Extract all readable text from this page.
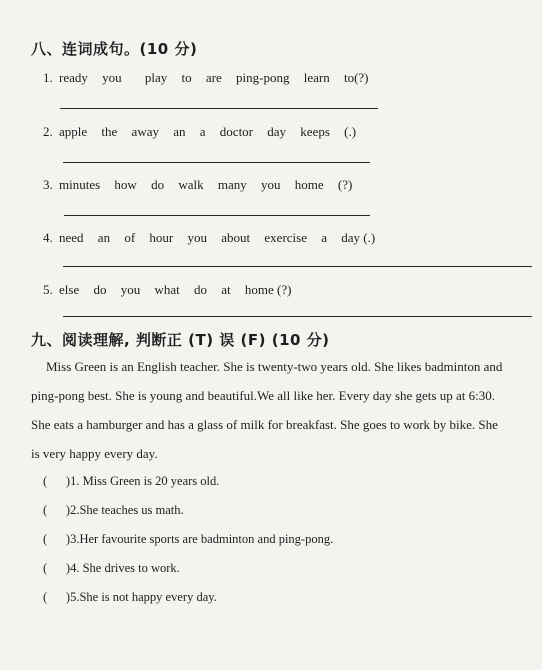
八、连词成句。(10 分)
1. ready you play to are ping-pong learn to(?)
2. apple the away an a doctor day keeps (.)
3. minutes how do walk many you home (?)
4. need an of hour you about exercise a day (.)
5. else do you what do at home (?)
九、阅读理解, 判断正 (T) 误 (F) (10 分)
Miss Green is an English teacher. She is twenty-two years old. She likes badminton and
ping-pong best. She is young and beautiful.We all like her. Every day she gets up at 6:30.
She eats a hamburger and has a glass of milk for breakfast. She goes to work by bike. She
is very happy every day.
(      )1. Miss Green is 20 years old.
(      )2.She teaches us math.
(      )3.Her favourite sports are badminton and ping-pong.
(      )4. She drives to work.
(      )5.She is not happy every day.
